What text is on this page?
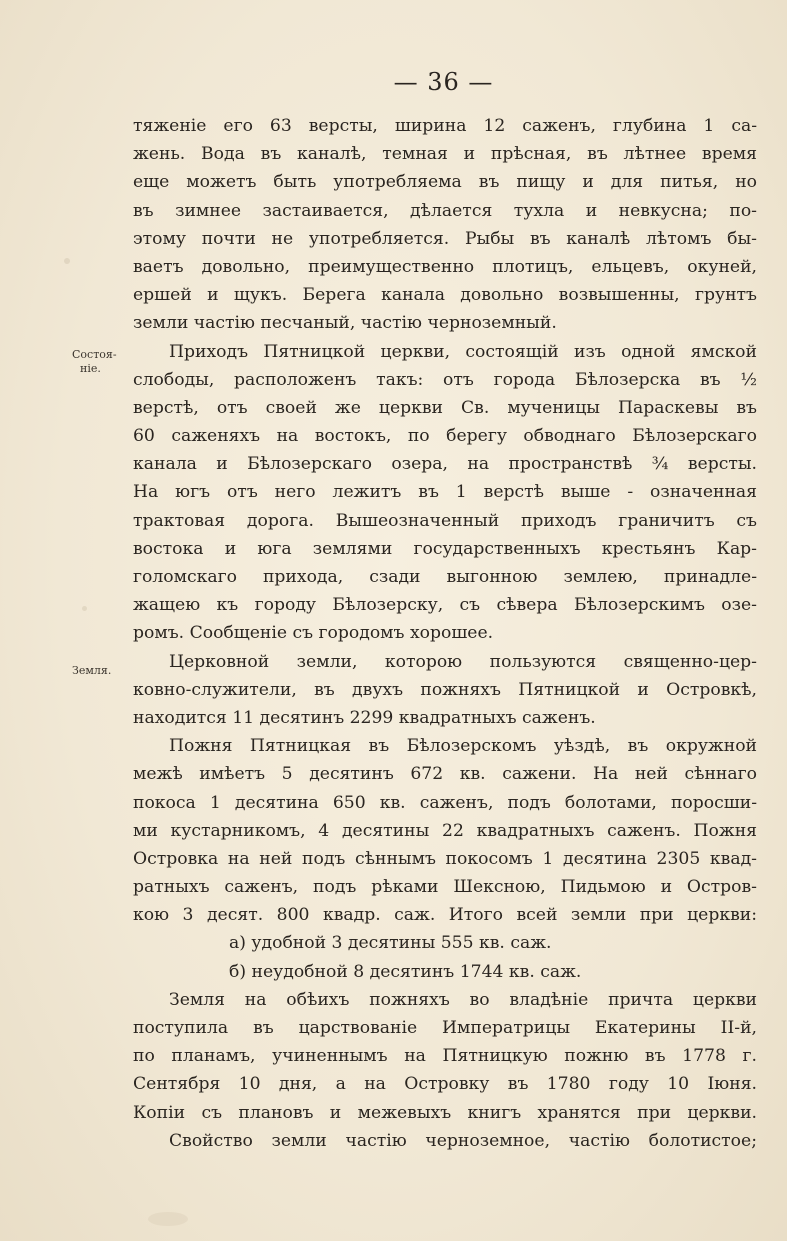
— 36 —
Состоя-
ніе.
Земля.
тяженіе его 63 версты, ширина 12 саженъ, глубина 1 са-
жень. Вода въ каналѣ, темная и прѣсная, въ лѣтнее время
еще можетъ быть употребляема въ пищу и для питья, но
въ зимнее застаивается, дѣлается тухла и невкусна; по-
этому почти не употребляется. Рыбы въ каналѣ лѣтомъ бы-
ваетъ довольно, преимущественно плотицъ, ельцевъ, окуней,
ершей и щукъ. Берега канала довольно возвышенны, грунтъ
земли частію песчаный, частію черноземный.
Приходъ Пятницкой церкви, состоящій изъ одной ямской
слободы, расположенъ такъ: отъ города Бѣлозерска въ ½
верстѣ, отъ своей же церкви Св. мученицы Параскевы въ
60 саженяхъ на востокъ, по берегу обводнаго Бѣлозерскаго
канала и Бѣлозерскаго озера, на пространствѣ ¾ версты.
На югъ отъ него лежитъ въ 1 верстѣ выше - означенная
трактовая дорога. Вышеозначенный приходъ граничитъ съ
востока и юга землями государственныхъ крестьянъ Кар-
голомскаго прихода, сзади выгонною землею, принадле-
жащею къ городу Бѣлозерску, съ сѣвера Бѣлозерскимъ озе-
ромъ. Сообщеніе съ городомъ хорошее.
Церковной земли, которою пользуются священно-цер-
ковно-служители, въ двухъ пожняхъ Пятницкой и Островкѣ,
находится 11 десятинъ 2299 квадратныхъ саженъ.
Пожня Пятницкая въ Бѣлозерскомъ уѣздѣ, въ окружной
межѣ имѣетъ 5 десятинъ 672 кв. сажени. На ней сѣннаго
покоса 1 десятина 650 кв. саженъ, подъ болотами, поросши-
ми кустарникомъ, 4 десятины 22 квадратныхъ саженъ. Пожня
Островка на ней подъ сѣннымъ покосомъ 1 десятина 2305 квад-
ратныхъ саженъ, подъ рѣками Шексною, Пидьмою и Остров-
кою 3 десят. 800 квадр. саж. Итого всей земли при церкви:
а) удобной 3 десятины 555 кв. саж.
б) неудобной 8 десятинъ 1744 кв. саж.
Земля на обѣихъ пожняхъ во владѣніе причта церкви
поступила въ царствованіе Императрицы Екатерины II-й,
по планамъ, учиненнымъ на Пятницкую пожню въ 1778 г.
Сентября 10 дня, а на Островку въ 1780 году 10 Іюня.
Копіи съ плановъ и межевыхъ книгъ хранятся при церкви.
Свойство земли частію черноземное, частію болотистое;
